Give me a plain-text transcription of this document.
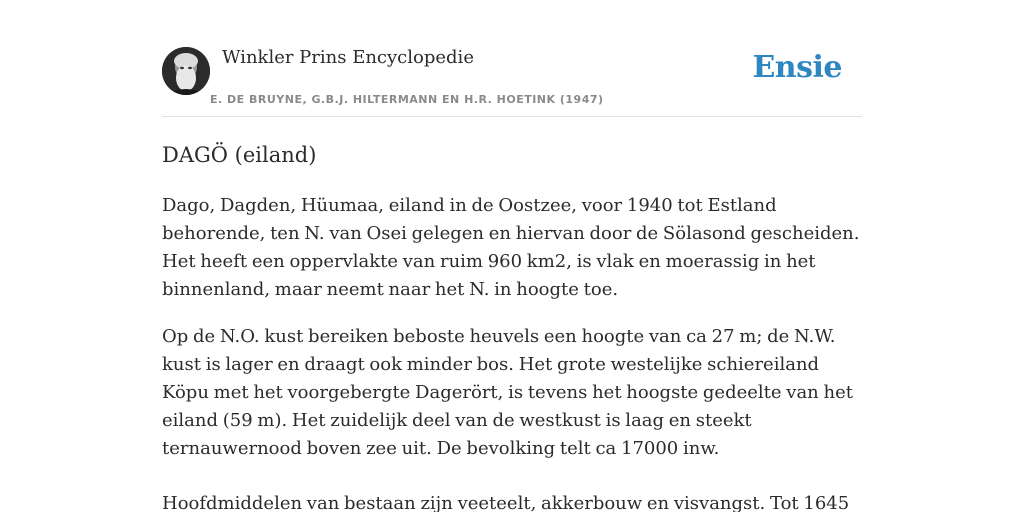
Winkler Prins Encyclopedie
E. DE BRUYNE, G.B.J. HILTERMANN EN H.R. HOETINK (1947)
Ensie
DAGÖ (eiland)

Dago, Dagden, Hüumaa, eiland in de Oostzee, voor 1940 tot Estland behorende, ten N. van Osei gelegen en hiervan door de Sölasond gescheiden. Het heeft een oppervlakte van ruim 960 km2, is vlak en moerassig in het binnenland, maar neemt naar het N. in hoogte toe.

Op de N.O. kust bereiken beboste heuvels een hoogte van ca 27 m; de N.W. kust is lager en draagt ook minder bos. Het grote westelijke schiereiland Köpu met het voorgebergte Dagerört, is tevens het hoogste gedeelte van het eiland (59 m). Het zuidelijk deel van de westkust is laag en steekt ternauwernood boven zee uit. De bevolking telt ca 17000 inw.

Hoofdmiddelen van bestaan zijn veeteelt, akkerbouw en visvangst. Tot 1645
